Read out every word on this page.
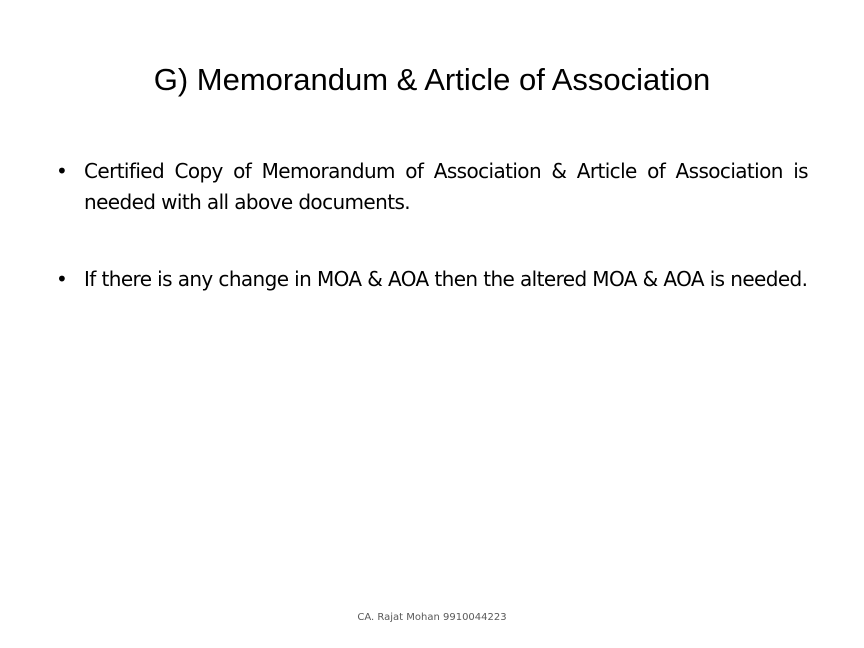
G) Memorandum & Article of Association
• Certified Copy of Memorandum of Association & Article of Association is needed with all above documents.
• If there is any change in MOA & AOA then the altered MOA & AOA is needed.
CA. Rajat Mohan 9910044223
